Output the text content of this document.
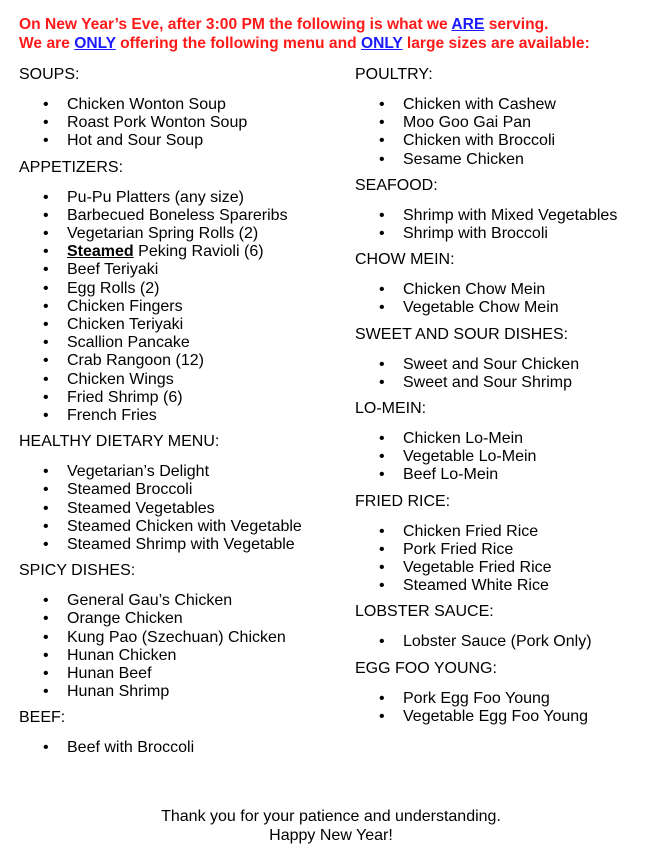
On New Year’s Eve, after 3:00 PM the following is what we ARE serving.
We are ONLY offering the following menu and ONLY large sizes are available:
SOUPS:
• Chicken Wonton Soup
• Roast Pork Wonton Soup
• Hot and Sour Soup
APPETIZERS:
• Pu-Pu Platters (any size)
• Barbecued Boneless Spareribs
• Vegetarian Spring Rolls (2)
• Steamed Peking Ravioli (6)
• Beef Teriyaki
• Egg Rolls (2)
• Chicken Fingers
• Chicken Teriyaki
• Scallion Pancake
• Crab Rangoon (12)
• Chicken Wings
• Fried Shrimp (6)
• French Fries
HEALTHY DIETARY MENU:
• Vegetarian’s Delight
• Steamed Broccoli
• Steamed Vegetables
• Steamed Chicken with Vegetable
• Steamed Shrimp with Vegetable
SPICY DISHES:
• General Gau’s Chicken
• Orange Chicken
• Kung Pao (Szechuan) Chicken
• Hunan Chicken
• Hunan Beef
• Hunan Shrimp
BEEF:
• Beef with Broccoli
POULTRY:
• Chicken with Cashew
• Moo Goo Gai Pan
• Chicken with Broccoli
• Sesame Chicken
SEAFOOD:
• Shrimp with Mixed Vegetables
• Shrimp with Broccoli
CHOW MEIN:
• Chicken Chow Mein
• Vegetable Chow Mein
SWEET AND SOUR DISHES:
• Sweet and Sour Chicken
• Sweet and Sour Shrimp
LO-MEIN:
• Chicken Lo-Mein
• Vegetable Lo-Mein
• Beef Lo-Mein
FRIED RICE:
• Chicken Fried Rice
• Pork Fried Rice
• Vegetable Fried Rice
• Steamed White Rice
LOBSTER SAUCE:
• Lobster Sauce (Pork Only)
EGG FOO YOUNG:
• Pork Egg Foo Young
• Vegetable Egg Foo Young
Thank you for your patience and understanding.
Happy New Year!
